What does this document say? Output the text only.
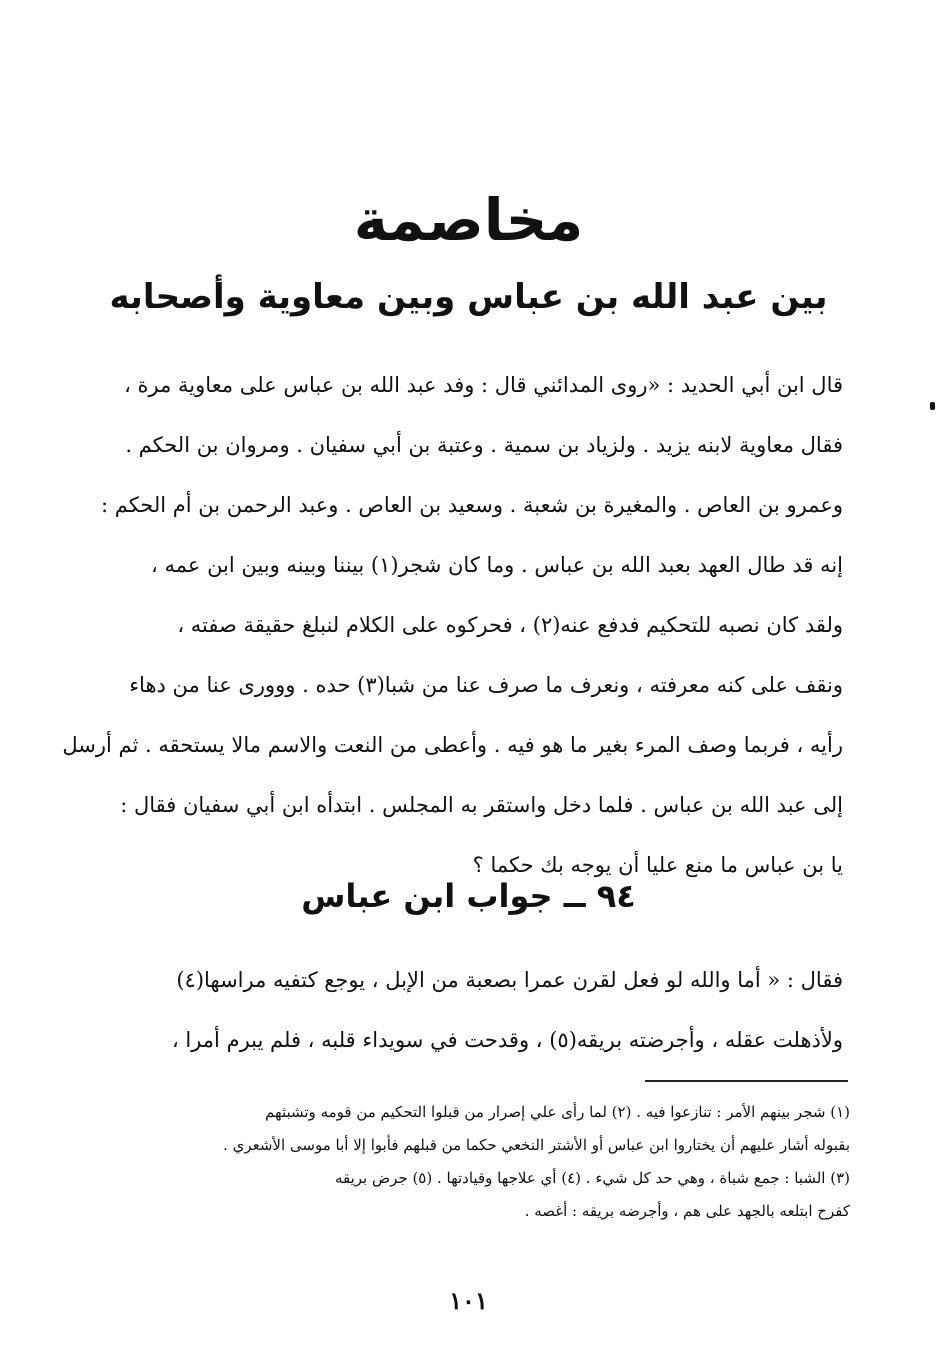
مخاصمة
بين عبد الله بن عباس وبين معاوية وأصحابه
قال ابن أبي الحديد : «روى المدائني قال : وفد عبد الله بن عباس على معاوية مرة ،
فقال معاوية لابنه يزيد . ولزياد بن سمية . وعتبة بن أبي سفيان . ومروان بن الحكم .
وعمرو بن العاص . والمغيرة بن شعبة . وسعيد بن العاص . وعبد الرحمن بن أم الحكم :
إنه قد طال العهد بعبد الله بن عباس . وما كان شجر(١) بيننا وبينه وبين ابن عمه ،
ولقد كان نصبه للتحكيم فدفع عنه(٢) ، فحركوه على الكلام لنبلغ حقيقة صفته ،
ونقف على كنه معرفته ، ونعرف ما صرف عنا من شبا(٣) حده . ووورى عنا من دهاء
رأيه ، فربما وصف المرء بغير ما هو فيه . وأعطى من النعت والاسم مالا يستحقه . ثم أرسل
إلى عبد الله بن عباس . فلما دخل واستقر به المجلس . ابتدأه ابن أبي سفيان فقال :
يا بن عباس ما منع عليا أن يوجه بك حكما ؟
٩٤ ــ جواب ابن عباس
فقال : « أما والله لو فعل لقرن عمرا بصعبة من الإبل ، يوجع كتفيه مراسها(٤)
ولأذهلت عقله ، وأجرضته بريقه(٥) ، وقدحت في سويداء قلبه ، فلم يبرم أمرا ،
(١) شجر بينهم الأمر : تنازعوا فيه . (٢) لما رأى علي إصرار من قبلوا التحكيم من قومه وتشبثهم
بقبوله أشار عليهم أن يختاروا ابن عباس أو الأشتر النخعي حكما من قبلهم فأبوا إلا أبا موسى الأشعري .
(٣) الشبا : جمع شباة ، وهي حد كل شيء . (٤) أي علاجها وقيادتها . (٥) جرض بريقه
كفرح ابتلعه بالجهد على هم ، وأجرضه بريقه : أغصه .
١٠١
